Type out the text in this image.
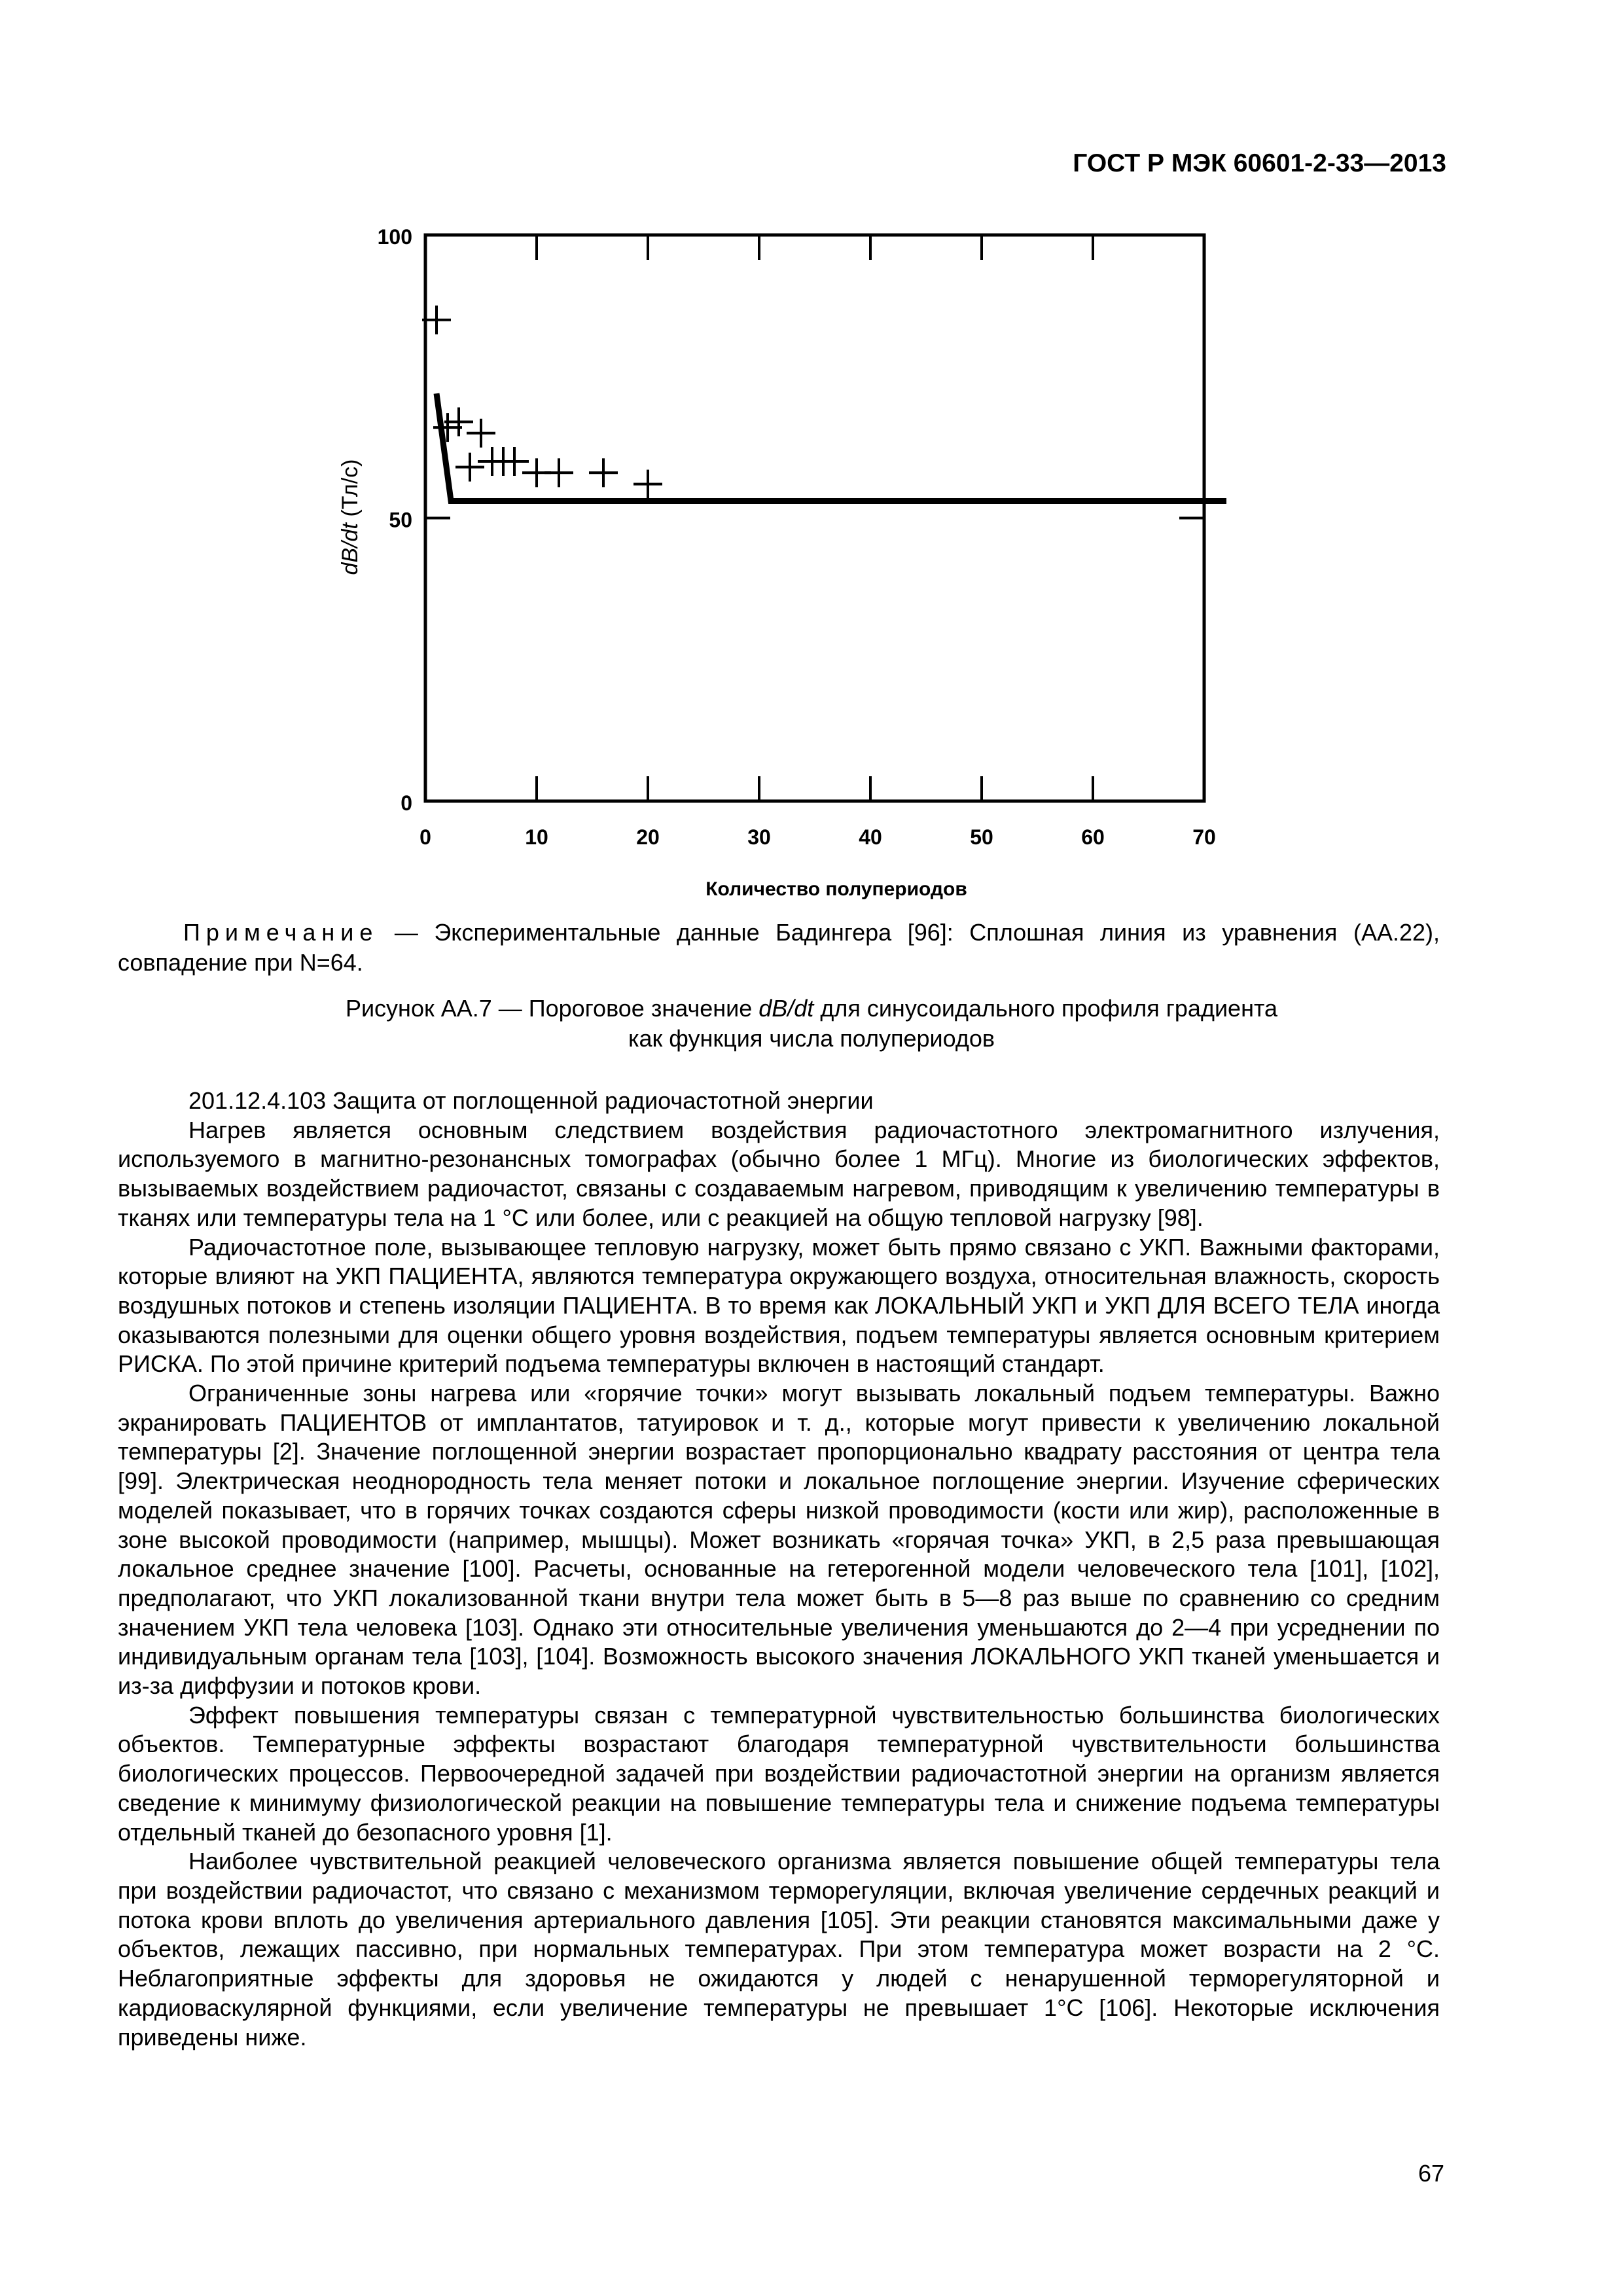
ГОСТ Р МЭК 60601-2-33—2013
0	10	20	30	40	50	60	70
0
50
100
Количество полупериодов
dB/dt (Тл/с)
Примечание — Экспериментальные данные Бадингера [96]: Сплошная линия из уравнения (АА.22), совпадение при N=64.
Рисунок АА.7 — Пороговое значение dB/dt для синусоидального профиля градиента
как функция числа полупериодов

201.12.4.103 Защита от поглощенной радиочастотной энергии

Нагрев является основным следствием воздействия радиочастотного электромагнитного излучения, используемого в магнитно-резонансных томографах (обычно более 1 МГц). Многие из биологических эффектов, вызываемых воздействием радиочастот, связаны с создаваемым нагревом, приводящим к увеличению температуры в тканях или температуры тела на 1 °С или более, или с реакцией на общую тепловой нагрузку [98].

Радиочастотное поле, вызывающее тепловую нагрузку, может быть прямо связано с УКП. Важными факторами, которые влияют на УКП ПАЦИЕНТА, являются температура окружающего воздуха, относительная влажность, скорость воздушных потоков и степень изоляции ПАЦИЕНТА. В то время как ЛОКАЛЬНЫЙ УКП и УКП ДЛЯ ВСЕГО ТЕЛА иногда оказываются полезными для оценки общего уровня воздействия, подъем температуры является основным критерием РИСКА. По этой причине критерий подъема температуры включен в настоящий стандарт.

Ограниченные зоны нагрева или «горячие точки» могут вызывать локальный подъем температуры. Важно экранировать ПАЦИЕНТОВ от имплантатов, татуировок и т. д., которые могут привести к увеличению локальной температуры [2]. Значение поглощенной энергии возрастает пропорционально квадрату расстояния от центра тела [99]. Электрическая неоднородность тела меняет потоки и локальное поглощение энергии. Изучение сферических моделей показывает, что в горячих точках создаются сферы низкой проводимости (кости или жир), расположенные в зоне высокой проводимости (например, мышцы). Может возникать «горячая точка» УКП, в 2,5 раза превышающая локальное среднее значение [100]. Расчеты, основанные на гетерогенной модели человеческого тела [101], [102], предполагают, что УКП локализованной ткани внутри тела может быть в 5—8 раз выше по сравнению со средним значением УКП тела человека [103]. Однако эти относительные увеличения уменьшаются до 2—4 при усреднении по индивидуальным органам тела [103], [104]. Возможность высокого значения ЛОКАЛЬНОГО УКП тканей уменьшается и из-за диффузии и потоков крови.

Эффект повышения температуры связан с температурной чувствительностью большинства биологических объектов. Температурные эффекты возрастают благодаря температурной чувствительности большинства биологических процессов. Первоочередной задачей при воздействии радиочастотной энергии на организм является сведение к минимуму физиологической реакции на повышение температуры тела и снижение подъема температуры отдельный тканей до безопасного уровня [1].

Наиболее чувствительной реакцией человеческого организма является повышение общей температуры тела при воздействии радиочастот, что связано с механизмом терморегуляции, включая увеличение сердечных реакций и потока крови вплоть до увеличения артериального давления [105]. Эти реакции становятся максимальными даже у объектов, лежащих пассивно, при нормальных температурах. При этом температура может возрасти на 2 °С. Неблагоприятные эффекты для здоровья не ожидаются у людей с ненарушенной терморегуляторной и кардиоваскулярной функциями, если увеличение температуры не превышает 1°С [106]. Некоторые исключения приведены ниже.

67
